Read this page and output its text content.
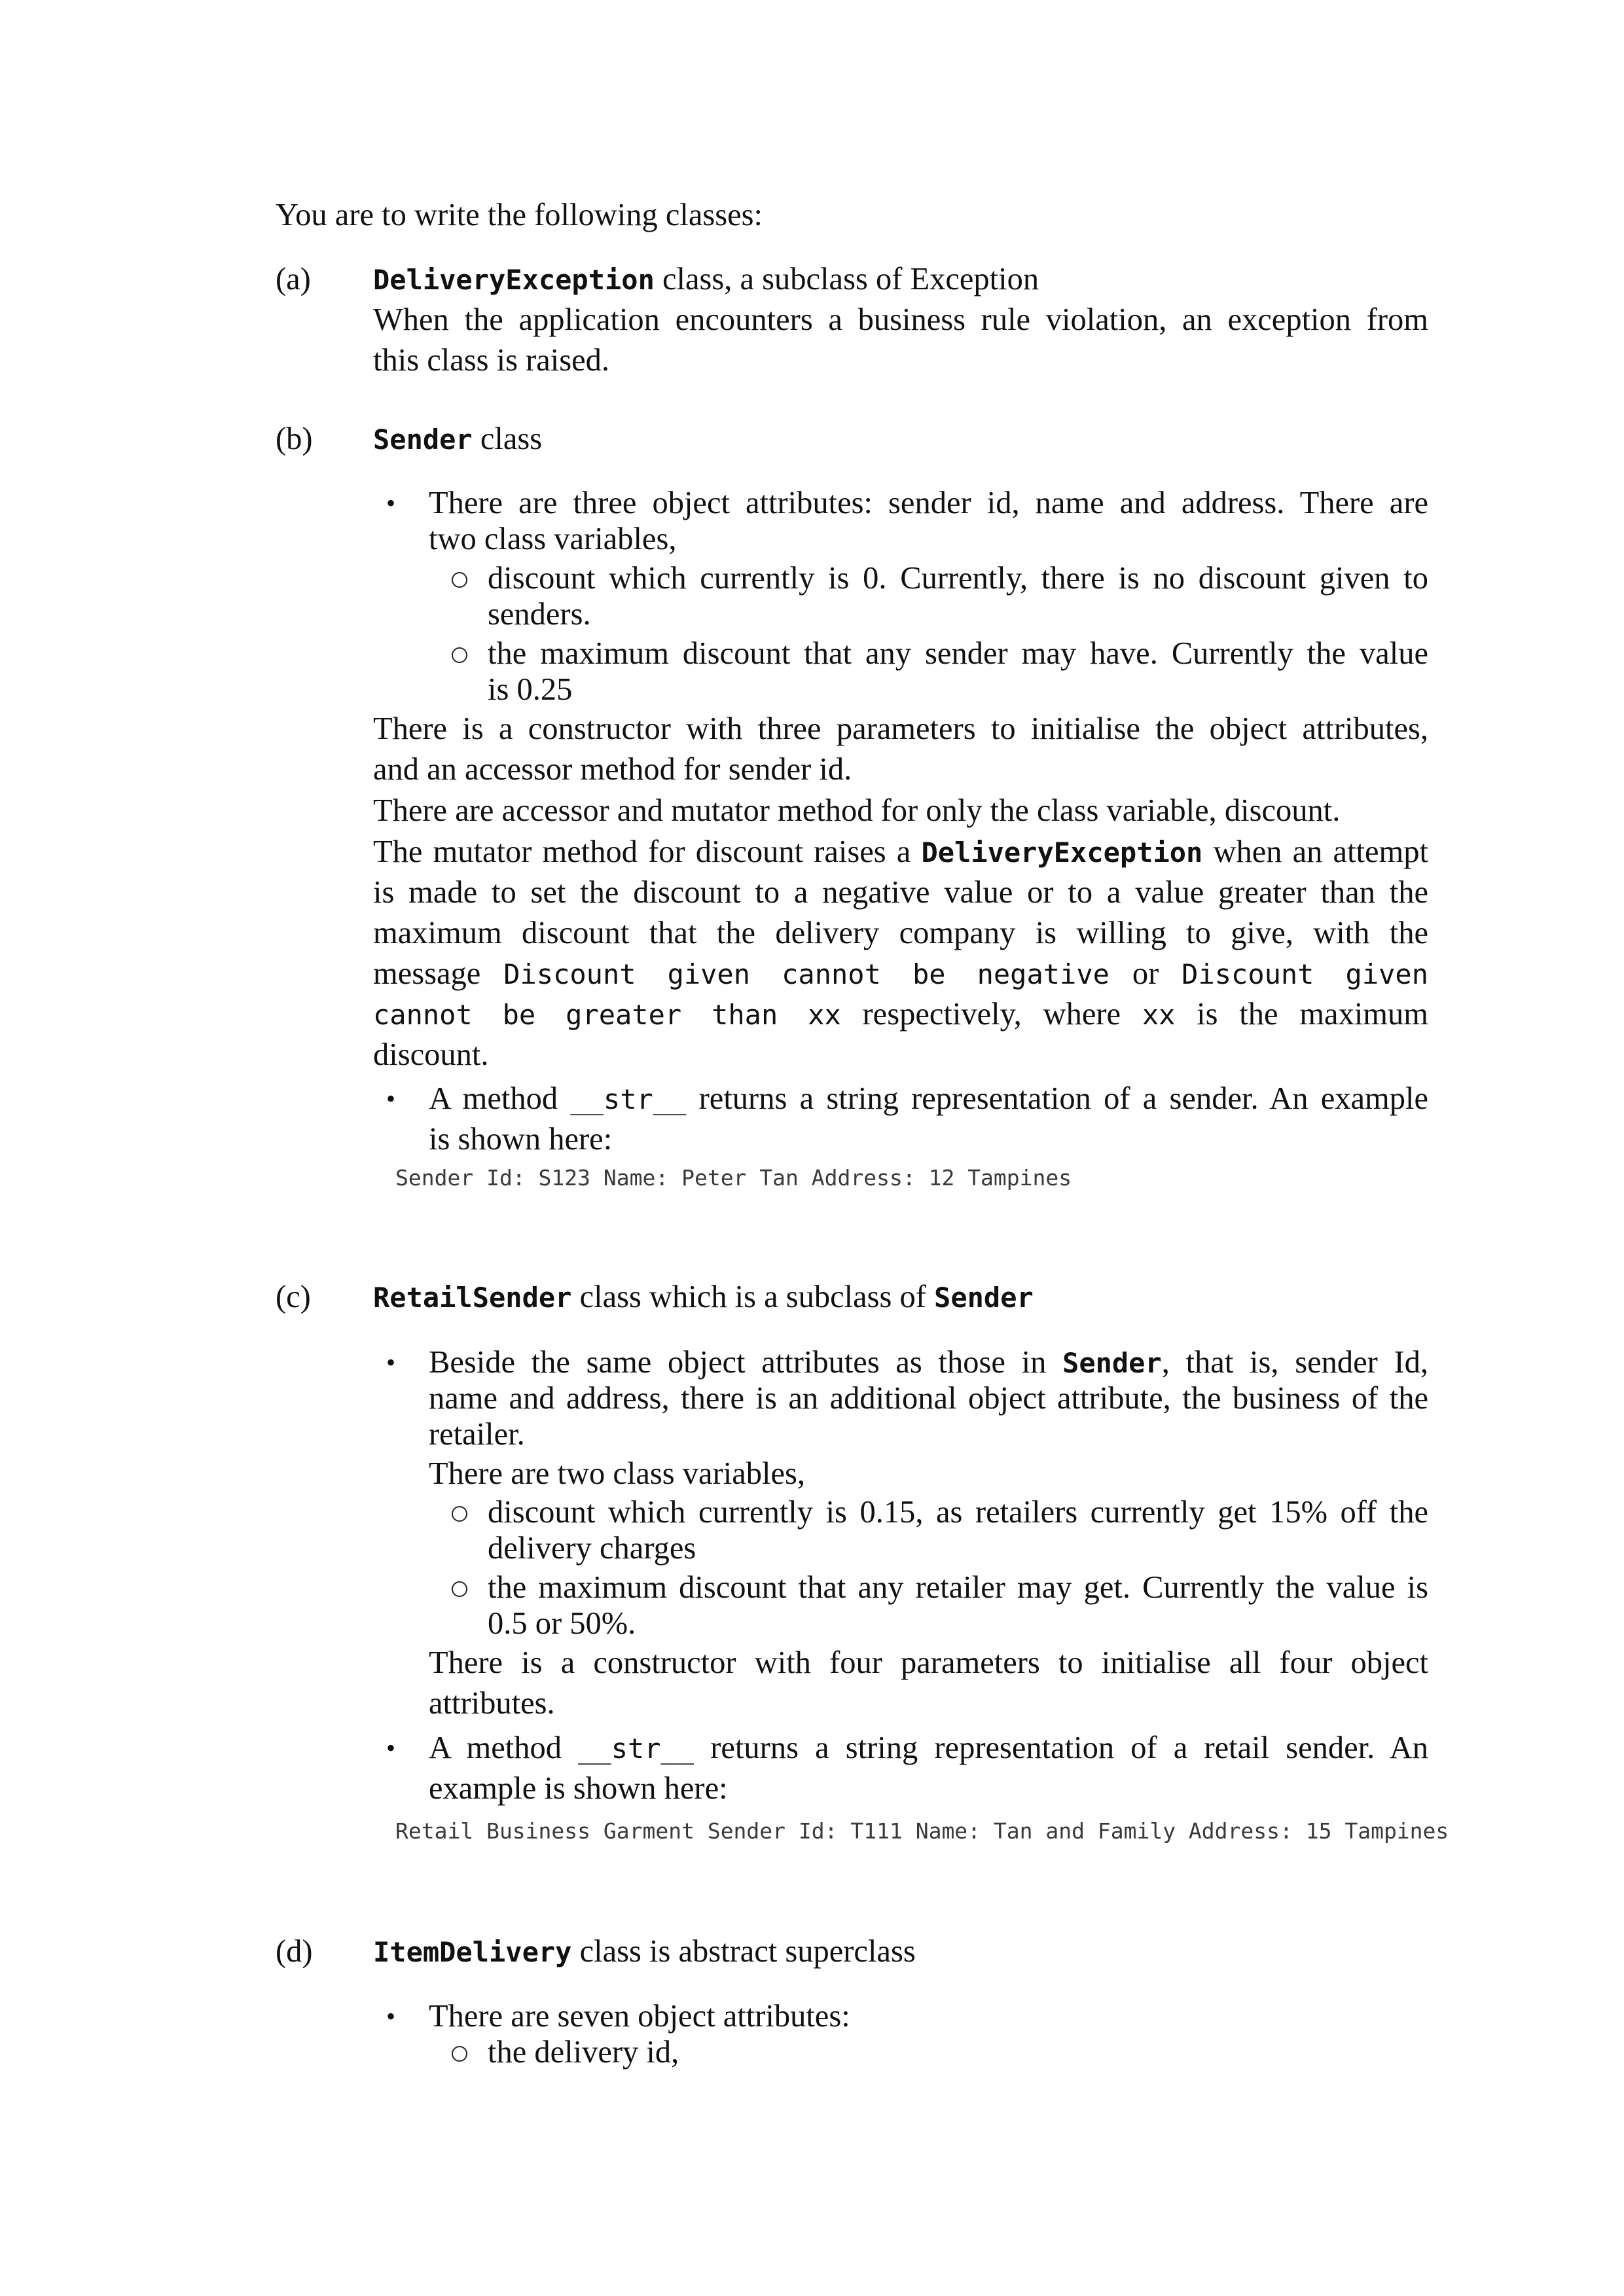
You are to write the following classes:
(a) DeliveryException class, a subclass of Exception
When the application encounters a business rule violation, an exception from
this class is raised.
(b) Sender class
• There are three object attributes: sender id, name and address. There are
two class variables,
discount which currently is 0. Currently, there is no discount given to
senders.
the maximum discount that any sender may have. Currently the value
is 0.25
There is a constructor with three parameters to initialise the object attributes,
and an accessor method for sender id.
There are accessor and mutator method for only the class variable, discount.
The mutator method for discount raises a DeliveryException when an attempt
is made to set the discount to a negative value or to a value greater than the
maximum discount that the delivery company is willing to give, with the
message Discount given cannot be negative or Discount given
cannot be greater than xx respectively, where xx is the maximum
discount.
• A method __str__ returns a string representation of a sender. An example
is shown here:
Sender Id: S123 Name: Peter Tan Address: 12 Tampines
(c) RetailSender class which is a subclass of Sender
• Beside the same object attributes as those in Sender, that is, sender Id,
name and address, there is an additional object attribute, the business of the
retailer.
There are two class variables,
discount which currently is 0.15, as retailers currently get 15% off the
delivery charges
the maximum discount that any retailer may get. Currently the value is
0.5 or 50%.
There is a constructor with four parameters to initialise all four object
attributes.
• A method __str__ returns a string representation of a retail sender. An
example is shown here:
Retail Business Garment Sender Id: T111 Name: Tan and Family Address: 15 Tampines
(d) ItemDelivery class is abstract superclass
• There are seven object attributes:
the delivery id,
